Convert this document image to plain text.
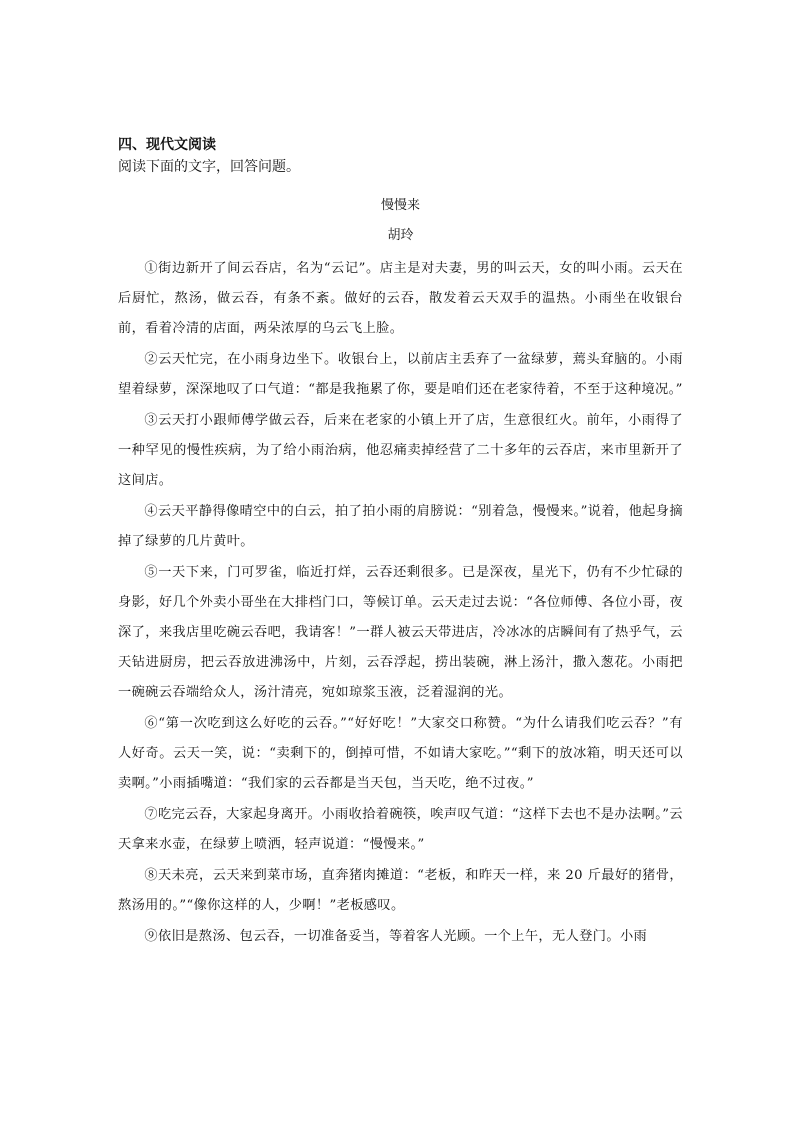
四、现代文阅读

阅读下面的文字，回答问题。

慢慢来
胡玲

①街边新开了间云吞店，名为“云记”。店主是对夫妻，男的叫云天，女的叫小雨。云天在后厨忙，熬汤，做云吞，有条不紊。做好的云吞，散发着云天双手的温热。小雨坐在收银台前，看着冷清的店面，两朵浓厚的乌云飞上脸。

②云天忙完，在小雨身边坐下。收银台上，以前店主丢弃了一盆绿萝，蔫头耷脑的。小雨望着绿萝，深深地叹了口气道：“都是我拖累了你，要是咱们还在老家待着，不至于这种境况。”

③云天打小跟师傅学做云吞，后来在老家的小镇上开了店，生意很红火。前年，小雨得了一种罕见的慢性疾病，为了给小雨治病，他忍痛卖掉经营了二十多年的云吞店，来市里新开了这间店。

④云天平静得像晴空中的白云，拍了拍小雨的肩膀说：“别着急，慢慢来。”说着，他起身摘掉了绿萝的几片黄叶。

⑤一天下来，门可罗雀，临近打烊，云吞还剩很多。已是深夜，星光下，仍有不少忙碌的身影，好几个外卖小哥坐在大排档门口，等候订单。云天走过去说：“各位师傅、各位小哥，夜深了，来我店里吃碗云吞吧，我请客！”一群人被云天带进店，冷冰冰的店瞬间有了热乎气，云天钻进厨房，把云吞放进沸汤中，片刻，云吞浮起，捞出装碗，淋上汤汁，撒入葱花。小雨把一碗碗云吞端给众人，汤汁清亮，宛如琼浆玉液，泛着湿润的光。

⑥“第一次吃到这么好吃的云吞。”“好好吃！”大家交口称赞。“为什么请我们吃云吞？”有人好奇。云天一笑，说：“卖剩下的，倒掉可惜，不如请大家吃。”“剩下的放冰箱，明天还可以卖啊。”小雨插嘴道：“我们家的云吞都是当天包，当天吃，绝不过夜。”

⑦吃完云吞，大家起身离开。小雨收拾着碗筷，唉声叹气道：“这样下去也不是办法啊。”云天拿来水壶，在绿萝上喷洒，轻声说道：“慢慢来。”

⑧天未亮，云天来到菜市场，直奔猪肉摊道：“老板，和昨天一样，来 20 斤最好的猪骨，熬汤用的。”“像你这样的人，少啊！”老板感叹。

⑨依旧是熬汤、包云吞，一切准备妥当，等着客人光顾。一个上午，无人登门。小雨
